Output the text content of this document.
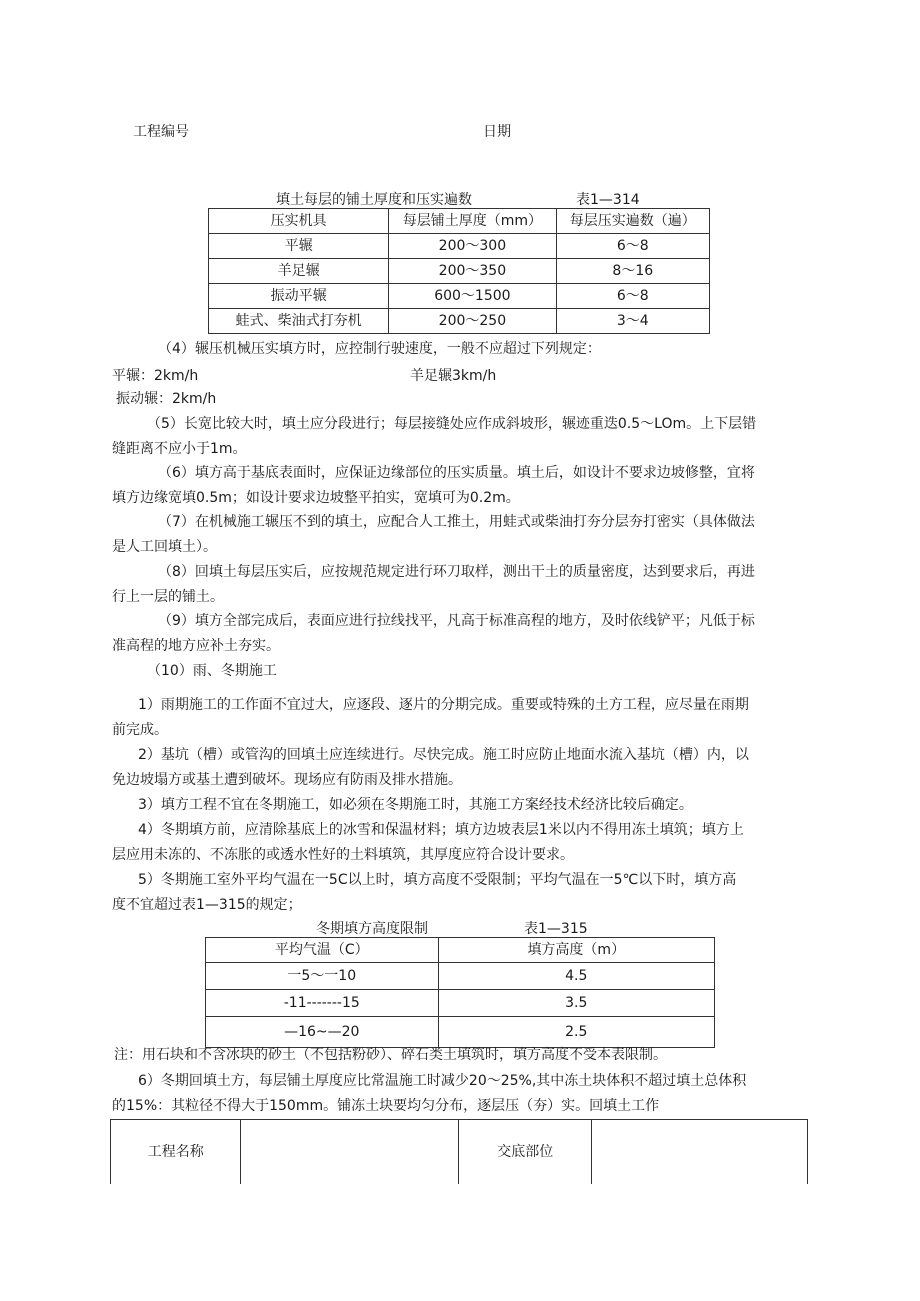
工程编号	日期
填土每层的铺土厚度和压实遍数	表1—314
压实机具	每层铺土厚度（mm）	每层压实遍数（遍）
平辗	200～300	6～8
羊足辗	200～350	8～16
振动平辗	600～1500	6～8
蛙式、柴油式打夯机	200～250	3～4
（4）辗压机械压实填方时，应控制行驶速度，一般不应超过下列规定：
平辗：2km∕h	羊足辗3km∕h
振动辗：2km∕h
（5）长宽比较大时，填土应分段进行；每层接缝处应作成斜坡形，辗迹重迭0.5～LOm。上下层错
缝距离不应小于1m。
（6）填方高于基底表面时，应保证边缘部位的压实质量。填土后，如设计不要求边坡修整，宜将
填方边缘宽填0.5m；如设计要求边坡整平拍实，宽填可为0.2m。
（7）在机械施工辗压不到的填土，应配合人工推土，用蛙式或柴油打夯分层夯打密实（具体做法
是人工回填土）。
（8）回填土每层压实后，应按规范规定进行环刀取样，测出干土的质量密度，达到要求后，再进
行上一层的铺土。
（9）填方全部完成后，表面应进行拉线找平，凡高于标准高程的地方，及时依线铲平；凡低于标
准高程的地方应补土夯实。
（10）雨、冬期施工
1）雨期施工的工作面不宜过大，应逐段、逐片的分期完成。重要或特殊的土方工程，应尽量在雨期
前完成。
2）基坑（槽）或管沟的回填土应连续进行。尽快完成。施工时应防止地面水流入基坑（槽）内，以
免边坡塌方或基土遭到破坏。现场应有防雨及排水措施。
3）填方工程不宜在冬期施工，如必须在冬期施工时，其施工方案经技术经济比较后确定。
4）冬期填方前，应清除基底上的冰雪和保温材料；填方边坡表层1米以内不得用冻土填筑；填方上
层应用未冻的、不冻胀的或透水性好的土料填筑，其厚度应符合设计要求。
5）冬期施工室外平均气温在一5C以上时，填方高度不受限制；平均气温在一5℃以下时，填方高
度不宜超过表1—315的规定；
冬期填方高度限制	表1—315
平均气温（C）	填方高度（m）
一5～一10	4.5
-11-------15	3.5
—16~—20	2.5
注：用石块和不含冰块的砂土（不包括粉砂）、碎石类土填筑时，填方高度不受本表限制。
6）冬期回填土方，每层铺土厚度应比常温施工时减少20～25%,其中冻土块体积不超过填土总体积
的15%：其粒径不得大于150mm。铺冻土块要均匀分布，逐层压（夯）实。回填土工作
工程名称		交底部位	
